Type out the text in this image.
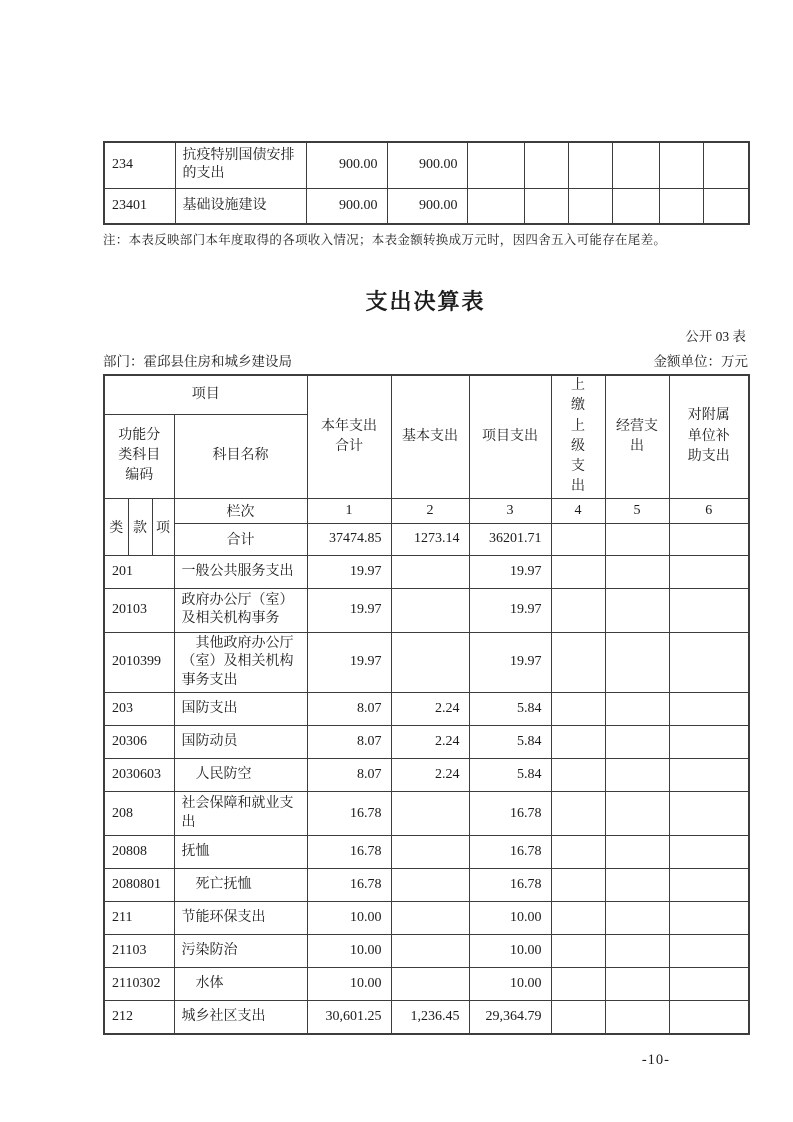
234	抗疫特别国债安排的支出	900.00	900.00						
23401	基础设施建设	900.00	900.00						
注：本表反映部门本年度取得的各项收入情况；本表金额转换成万元时，因四舍五入可能存在尾差。
支出决算表
公开 03 表
部门：霍邱县住房和城乡建设局	金额单位：万元
项目				本年支出合计	基本支出	项目支出	上缴上级支出	经营支出	对附属单位补助支出
功能分类科目编码			科目名称						
类	款	项	栏次	1	2	3	4	5	6
			合计	37474.85	1273.14	36201.71			
201			一般公共服务支出	19.97		19.97			
20103			政府办公厅（室）及相关机构事务	19.97		19.97			
2010399			　其他政府办公厅（室）及相关机构事务支出	19.97		19.97			
203			国防支出	8.07	2.24	5.84			
20306			国防动员	8.07	2.24	5.84			
2030603			　人民防空	8.07	2.24	5.84			
208			社会保障和就业支出	16.78		16.78			
20808			抚恤	16.78		16.78			
2080801			　死亡抚恤	16.78		16.78			
211			节能环保支出	10.00		10.00			
21103			污染防治	10.00		10.00			
2110302			　水体	10.00		10.00			
212			城乡社区支出	30,601.25	1,236.45	29,364.79			
-10-
